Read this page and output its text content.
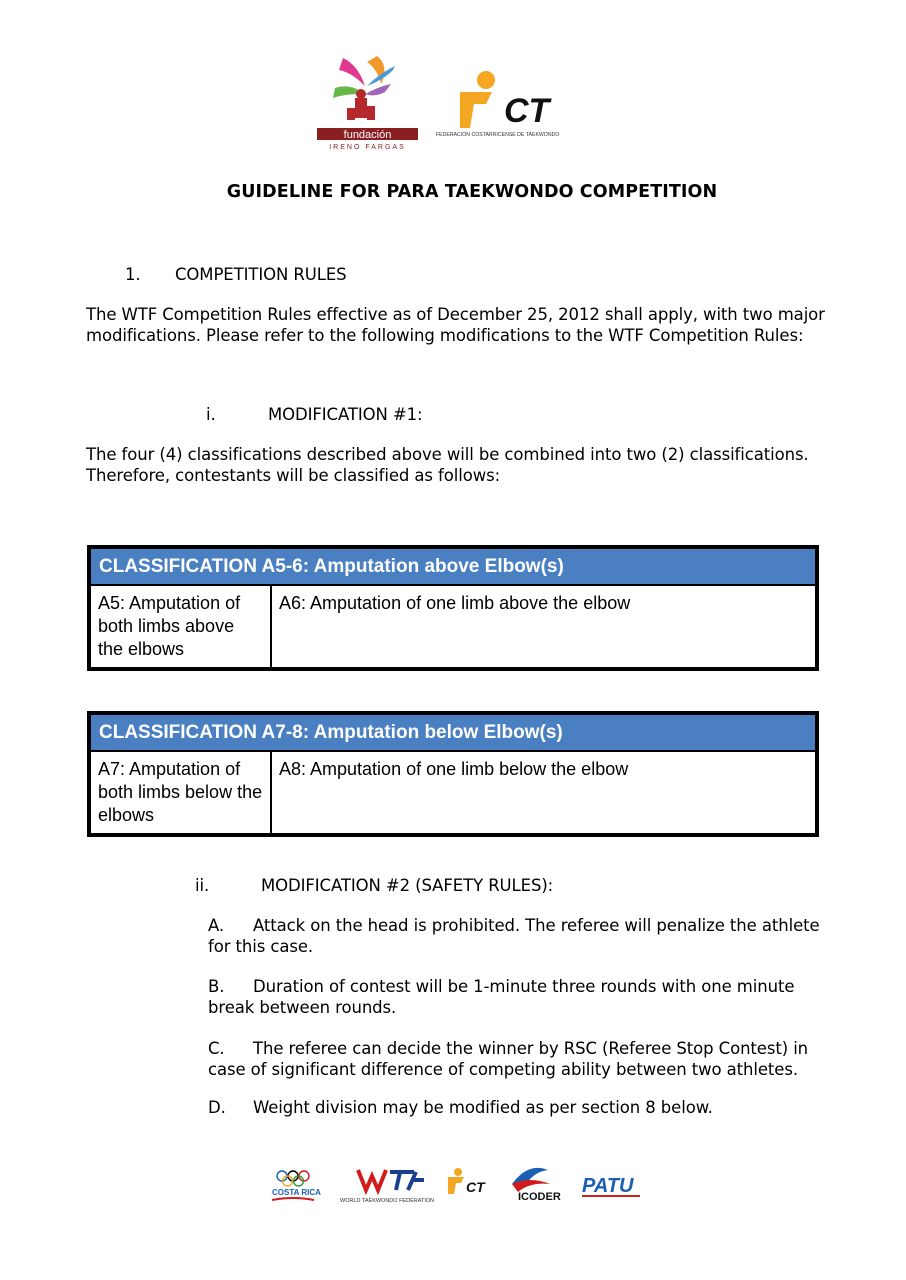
fundación
IRENO FARGAS
CT
FEDERACION COSTARRICENSE DE TAEKWONDO
GUIDELINE FOR PARA TAEKWONDO COMPETITION
1. COMPETITION RULES
The WTF Competition Rules effective as of December 25, 2012 shall apply, with two major modifications. Please refer to the following modifications to the WTF Competition Rules:
i.	MODIFICATION #1:
The four (4) classifications described above will be combined into two (2) classifications. Therefore, contestants will be classified as follows:
CLASSIFICATION A5-6: Amputation above Elbow(s)
A5: Amputation of both limbs above the elbows	A6: Amputation of one limb above the elbow
CLASSIFICATION A7-8: Amputation below Elbow(s)
A7: Amputation of both limbs below the elbows	A8: Amputation of one limb below the elbow
ii.	MODIFICATION #2 (SAFETY RULES):
A. Attack on the head is prohibited. The referee will penalize the athlete for this case.
B. Duration of contest will be 1-minute three rounds with one minute break between rounds.
C. The referee can decide the winner by RSC (Referee Stop Contest) in case of significant difference of competing ability between two athletes.
D. Weight division may be modified as per section 8 below.
COSTA RICA
WORLD TAEKWONDO FEDERATION
CT
ICODER PATU
